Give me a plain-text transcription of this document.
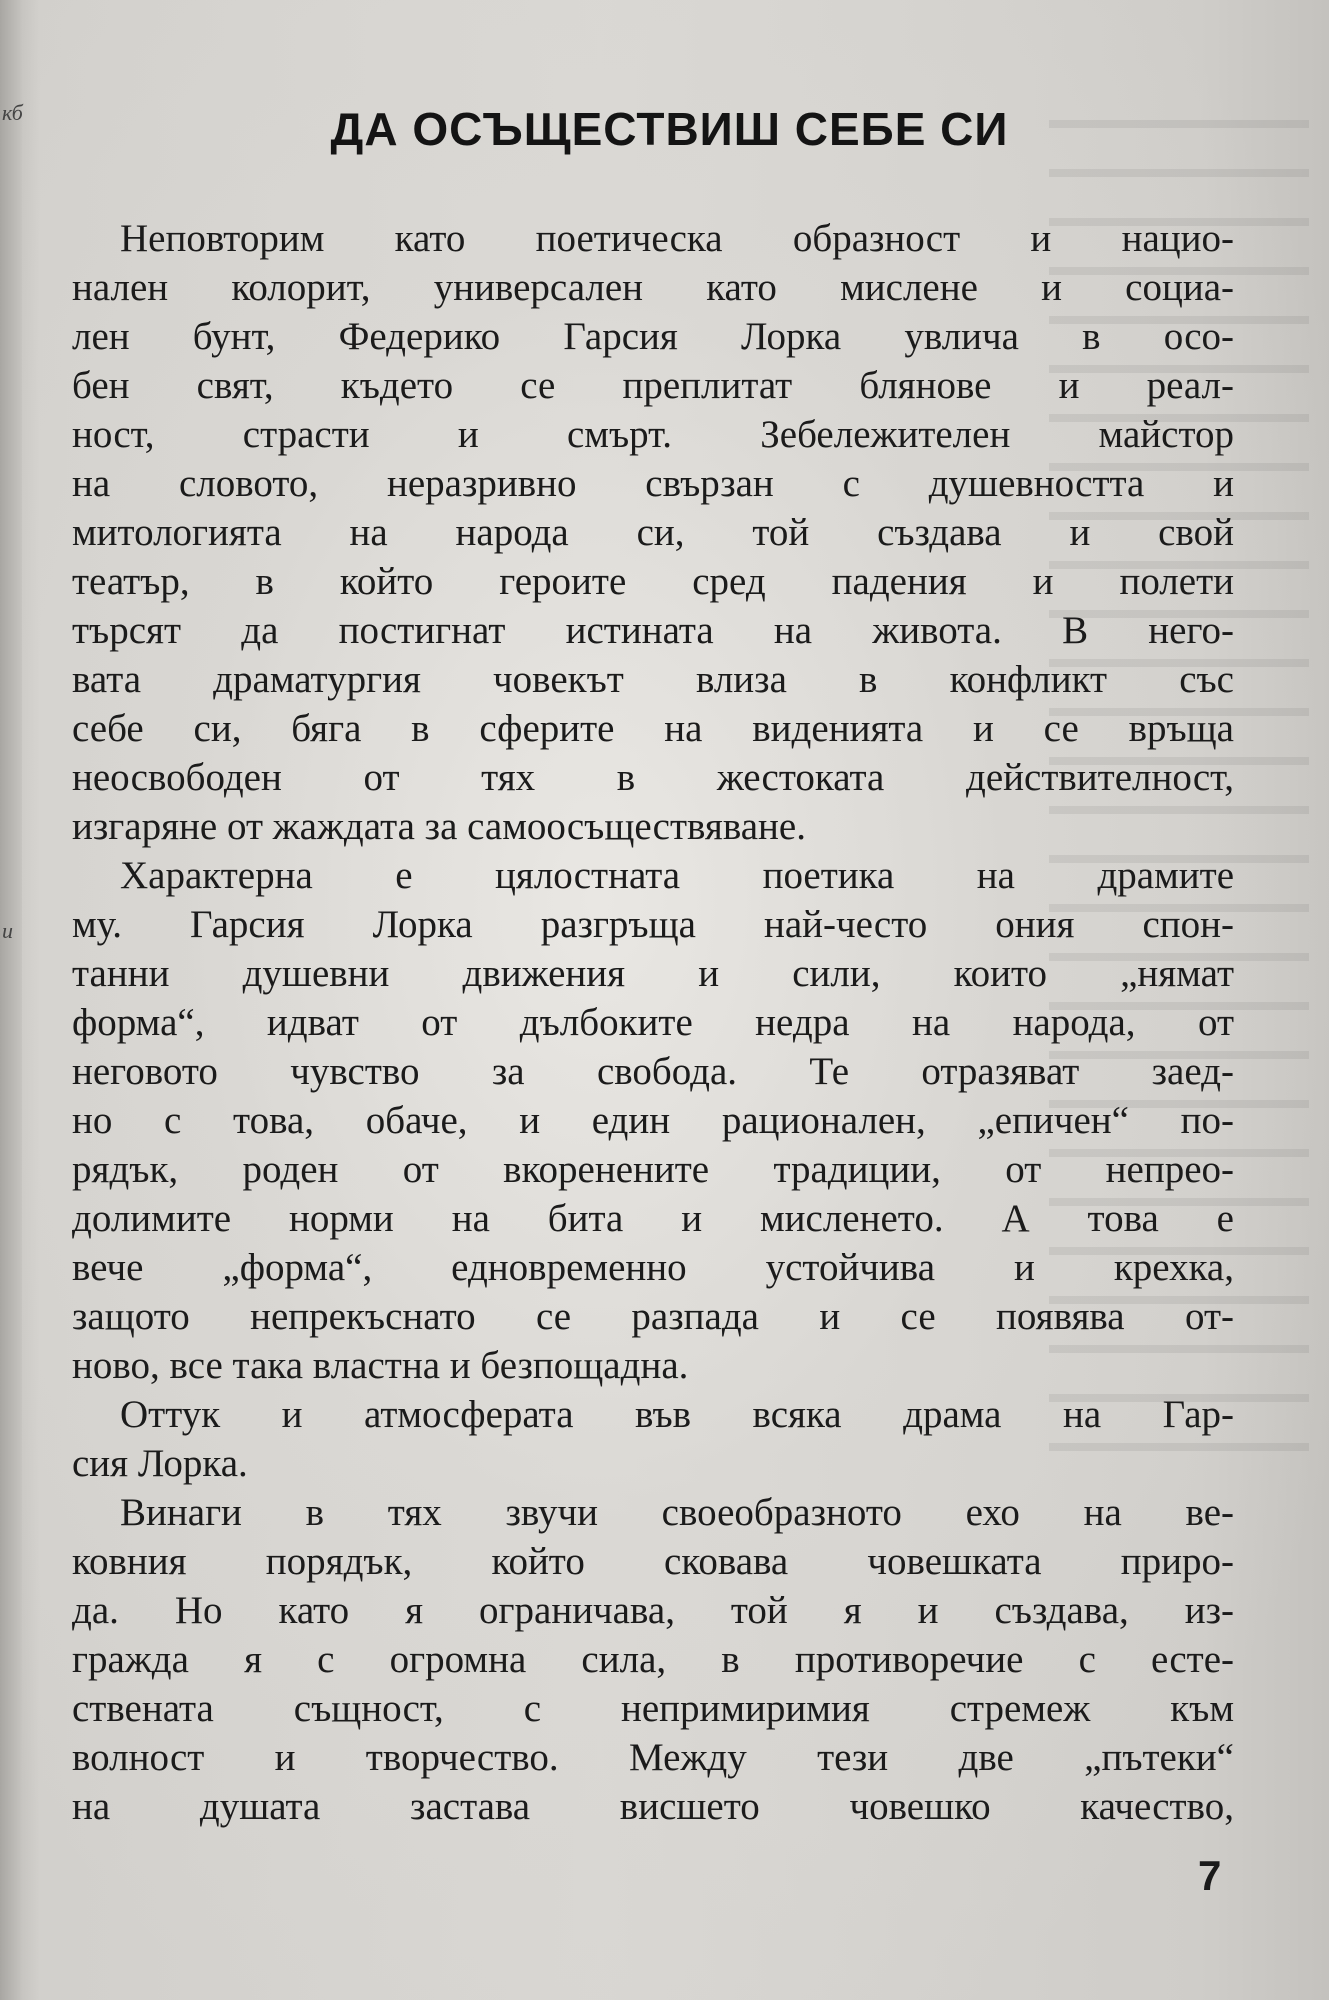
кб
и
ДА ОСЪЩЕСТВИШ СЕБЕ СИ
Неповторим като поетическа образност и нацио-
нален колорит, универсален като мислене и социа-
лен бунт, Федерико Гарсия Лорка увлича в осо-
бен свят, където се преплитат блянове и реал-
ност, страсти и смърт. Зебележителен майстор
на словото, неразривно свързан с душевността и
митологията на народа си, той създава и свой
театър, в който героите сред падения и полети
търсят да постигнат истината на живота. В него-
вата драматургия човекът влиза в конфликт със
себе си, бяга в сферите на виденията и се връща
неосвободен от тях в жестоката действителност,
изгаряне от жаждата за самоосъществяване.
Характерна е цялостната поетика на драмите
му. Гарсия Лорка разгръща най-често ония спон-
танни душевни движения и сили, които „нямат
форма“, идват от дълбоките недра на народа, от
неговото чувство за свобода. Те отразяват заед-
но с това, обаче, и един рационален, „епичен“ по-
рядък, роден от вкоренените традиции, от непрео-
долимите норми на бита и мисленето. А това е
вече „форма“, едновременно устойчива и крехка,
защото непрекъснато се разпада и се появява от-
ново, все така властна и безпощадна.
Оттук и атмосферата във всяка драма на Гар-
сия Лорка.
Винаги в тях звучи своеобразното ехо на ве-
ковния порядък, който сковава човешката приро-
да. Но като я ограничава, той я и създава, из-
гражда я с огромна сила, в противоречие с есте-
ствената същност, с непримиримия стремеж към
волност и творчество. Между тези две „пътеки“
на душата застава висшето човешко качество,
7
